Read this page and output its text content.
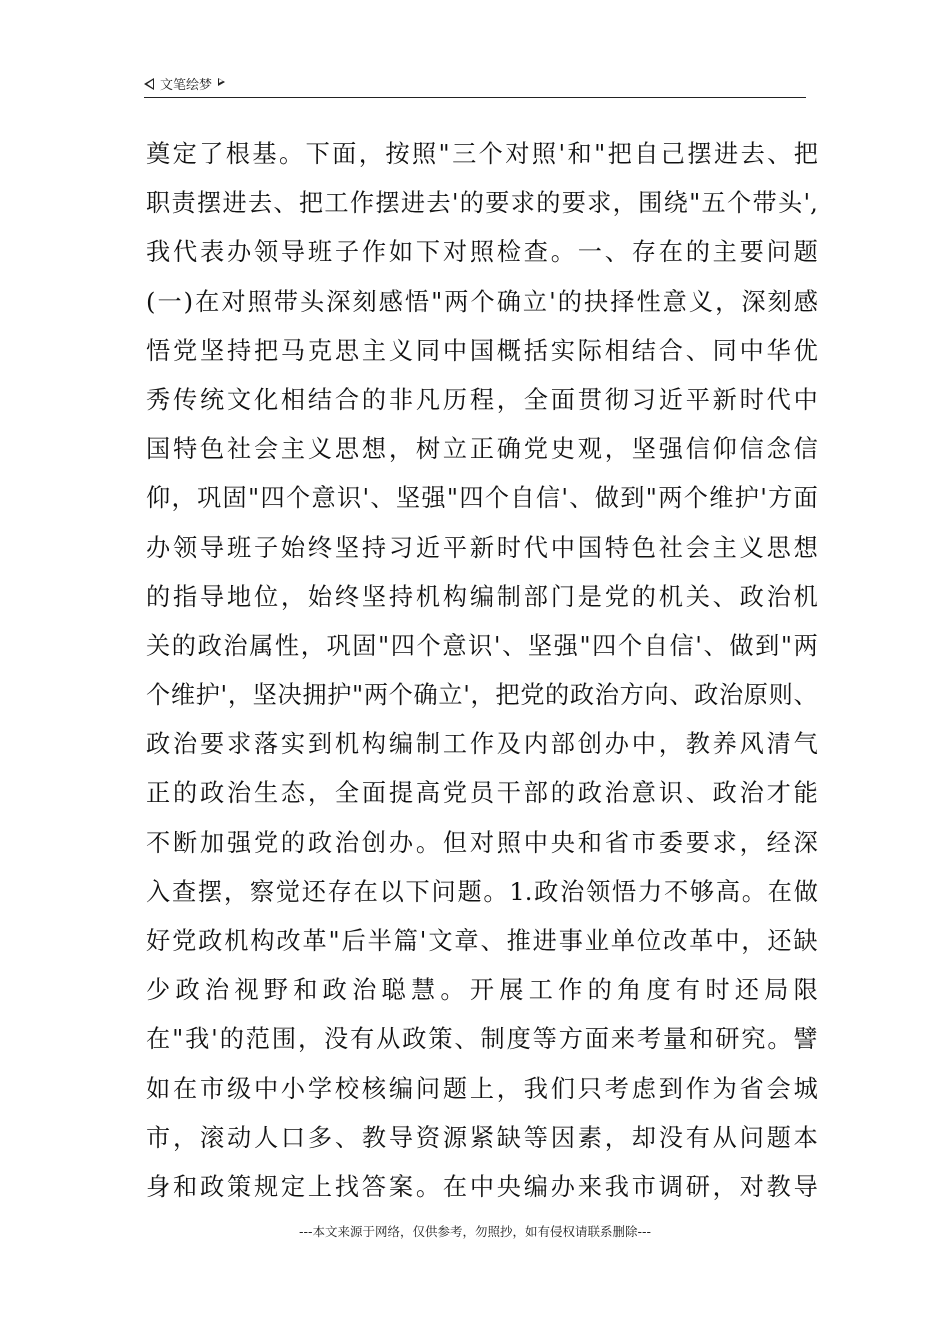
文笔绘梦
奠 定 了 根 基 。 下 面 ， 按 照 " 三 个 对 照 ' 和 " 把 自 己 摆 进 去 、 把
职 责 摆 进 去 、 把 工 作 摆 进 去 ' 的 要 求 的 要 求 ， 围 绕 " 五 个 带 头 ',
我 代 表 办 领 导 班 子 作 如 下 对 照 检 查 。 一 、 存 在 的 主 要 问 题
( 一 ) 在 对 照 带 头 深 刻 感 悟 " 两 个 确 立 ' 的 抉 择 性 意 义 ， 深 刻 感
悟 党 坚 持 把 马 克 思 主 义 同 中 国 概 括 实 际 相 结 合 、 同 中 华 优
秀 传 统 文 化 相 结 合 的 非 凡 历 程 ， 全 面 贯 彻 习 近 平 新 时 代 中
国 特 色 社 会 主 义 思 想 ， 树 立 正 确 党 史 观 ， 坚 强 信 仰 信 念 信
仰 ， 巩 固 " 四 个 意 识 ' 、 坚 强 " 四 个 自 信 ' 、 做 到 " 两 个 维 护 ' 方 面
办 领 导 班 子 始 终 坚 持 习 近 平 新 时 代 中 国 特 色 社 会 主 义 思 想
的 指 导 地 位 ， 始 终 坚 持 机 构 编 制 部 门 是 党 的 机 关 、 政 治 机
关 的 政 治 属 性 ， 巩 固 " 四 个 意 识 ' 、 坚 强 " 四 个 自 信 ' 、 做 到 " 两
个 维 护 ' ， 坚 决 拥 护 " 两 个 确 立 ' ， 把 党 的 政 治 方 向 、 政 治 原 则 、
政 治 要 求 落 实 到 机 构 编 制 工 作 及 内 部 创 办 中 ， 教 养 风 清 气
正 的 政 治 生 态 ， 全 面 提 高 党 员 干 部 的 政 治 意 识 、 政 治 才 能
不 断 加 强 党 的 政 治 创 办 。 但 对 照 中 央 和 省 市 委 要 求 ， 经 深
入 查 摆 ， 察 觉 还 存 在 以 下 问 题 。 1. 政 治 领 悟 力 不 够 高 。 在 做
好 党 政 机 构 改 革 " 后 半 篇 ' 文 章 、 推 进 事 业 单 位 改 革 中 ， 还 缺
少 政 治 视 野 和 政 治 聪 慧 。 开 展 工 作 的 角 度 有 时 还 局 限
在 " 我 ' 的 范 围 ， 没 有 从 政 策 、 制 度 等 方 面 来 考 量 和 研 究 。 譬
如 在 市 级 中 小 学 校 核 编 问 题 上 ， 我 们 只 考 虑 到 作 为 省 会 城
市 ， 滚 动 人 口 多 、 教 导 资 源 紧 缺 等 因 素 ， 却 没 有 从 问 题 本
身 和 政 策 规 定 上 找 答 案 。 在 中 央 编 办 来 我 市 调 研 ， 对 教 导
---本文来源于网络，仅供参考，勿照抄，如有侵权请联系删除---
